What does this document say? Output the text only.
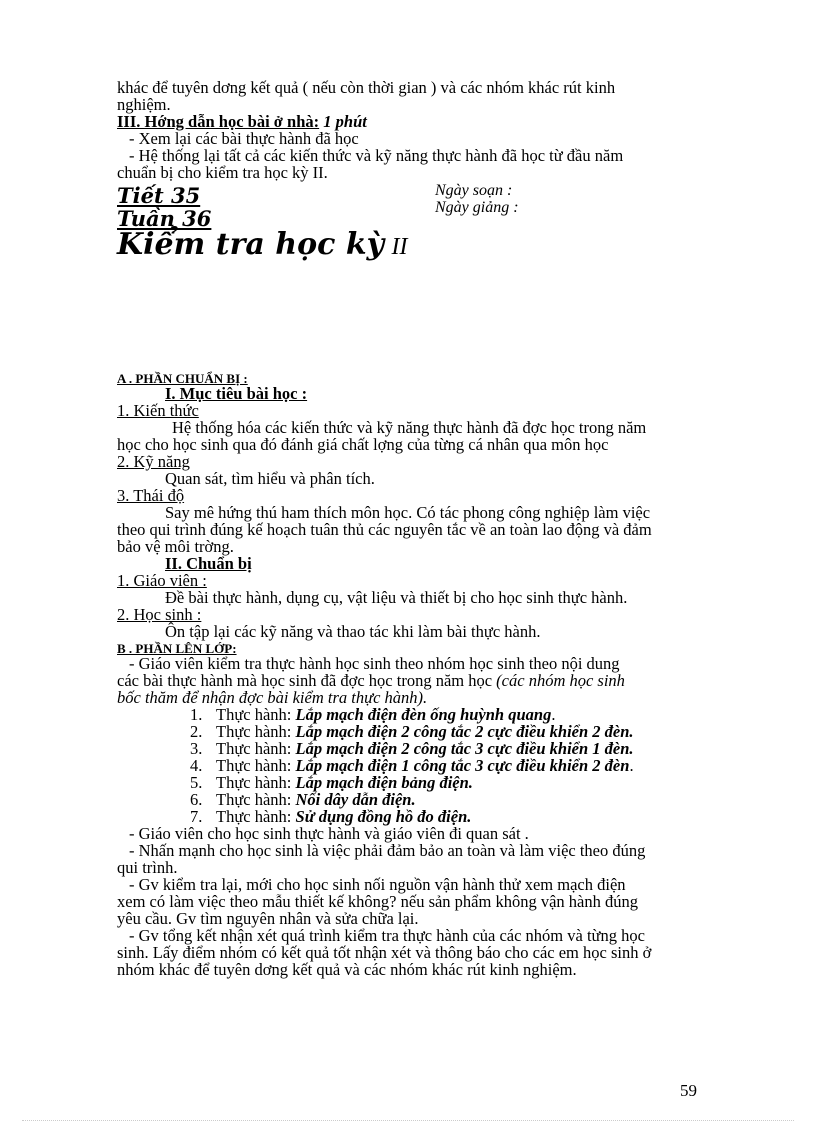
khác để tuyên dơng kết quả ( nếu còn thời gian ) và các nhóm khác rút kinh
nghiệm.
III. Hớng dẫn học bài ở nhà: 1 phút
- Xem lại các bài thực hành đã học
- Hệ thống lại tất cả các kiến thức và kỹ năng thực hành đã học từ đầu năm
chuẩn bị cho kiểm tra học kỳ II.
Tiết 35
Tuần 36
Ngày soạn :
Ngày giảng :
Kiểm tra học kỳ II
A . PHẦN CHUẨN BỊ :
I. Mục tiêu bài học :
1. Kiến thức
Hệ thống hóa các kiến thức và kỹ năng thực hành đã đợc học trong năm
học cho học sinh qua đó đánh giá chất lợng của từng cá nhân qua môn học
2. Kỹ năng
Quan sát, tìm hiểu và phân tích.
3. Thái độ
Say mê hứng thú ham thích môn học. Có tác phong công nghiệp làm việc
theo qui trình đúng kế hoạch tuân thủ các nguyên tắc về an toàn lao động và đảm
bảo vệ môi trờng.
II. Chuẩn bị
1. Giáo viên :
Đề bài thực hành, dụng cụ, vật liệu và thiết bị cho học sinh thực hành.
2. Học sinh :
Ôn tập lại các kỹ năng và thao tác khi làm bài thực hành.
B . PHẦN LÊN LỚP:
- Giáo viên kiểm tra thực hành học sinh theo nhóm học sinh theo nội dung
các bài thực hành mà học sinh đã đợc học trong năm học (các nhóm học sinh
bốc thăm để nhận đợc bài kiểm tra thực hành).
1. Thực hành: Lắp mạch điện đèn ống huỳnh quang.
2. Thực hành: Lắp mạch điện 2 công tắc 2 cực điều khiển 2 đèn.
3. Thực hành: Lắp mạch điện 2 công tắc 3 cực điều khiển 1 đèn.
4. Thực hành: Lắp mạch điện 1 công tắc 3 cực điều khiển 2 đèn.
5. Thực hành: Lắp mạch điện bảng điện.
6. Thực hành: Nối dây dẫn điện.
7. Thực hành: Sử dụng đồng hồ đo điện.
- Giáo viên cho học sinh thực hành và giáo viên đi quan sát .
- Nhấn mạnh cho học sinh là việc phải đảm bảo an toàn và làm việc theo đúng
qui trình.
- Gv kiểm tra lại, mới cho học sinh nối nguồn vận hành thử xem mạch điện
xem có làm việc theo mẫu thiết kế không? nếu sản phẩm không vận hành đúng
yêu cầu. Gv tìm nguyên nhân và sửa chữa lại.
- Gv tổng kết nhận xét quá trình kiểm tra thực hành của các nhóm và từng học
sinh. Lấy điểm nhóm có kết quả tốt nhận xét và thông báo cho các em học sinh ở
nhóm khác để tuyên dơng kết quả và các nhóm khác rút kinh nghiệm.
59
